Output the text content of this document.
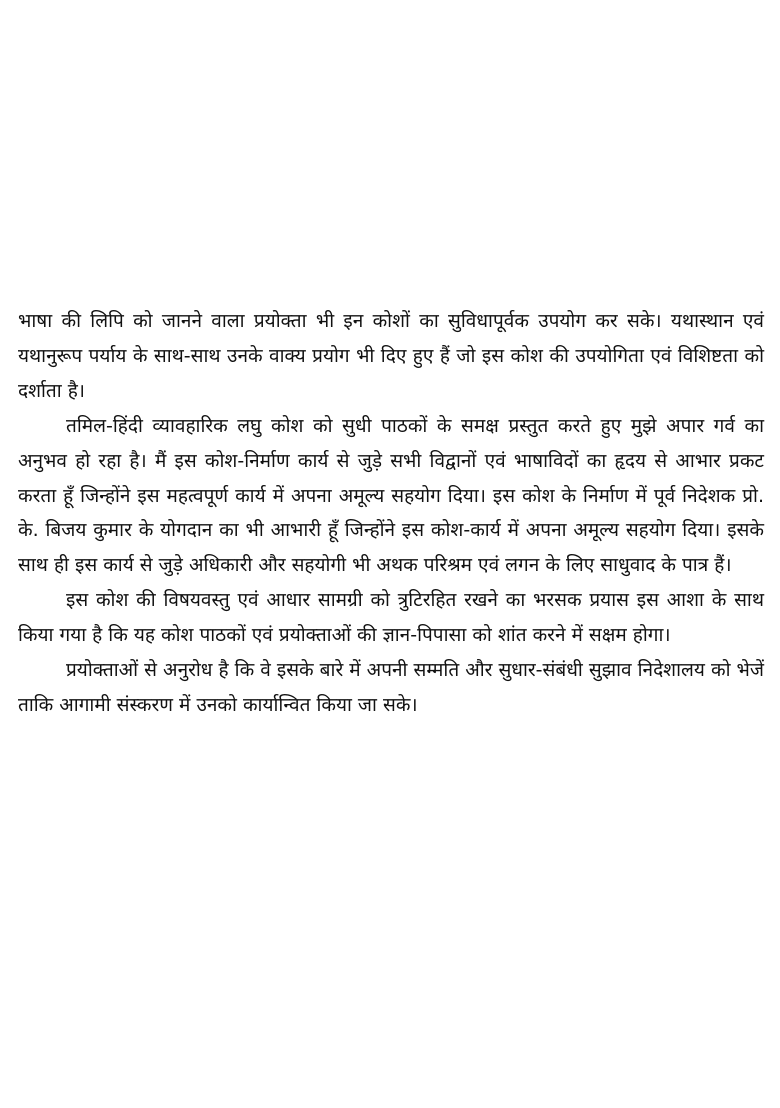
भाषा की लिपि को जानने वाला प्रयोक्ता भी इन कोशों का सुविधापूर्वक उपयोग कर सके। यथास्थान एवं यथानुरूप पर्याय के साथ-साथ उनके वाक्य प्रयोग भी दिए हुए हैं जो इस कोश की उपयोगिता एवं विशिष्टता को दर्शाता है।

तमिल-हिंदी व्यावहारिक लघु कोश को सुधी पाठकों के समक्ष प्रस्तुत करते हुए मुझे अपार गर्व का अनुभव हो रहा है। मैं इस कोश-निर्माण कार्य से जुड़े सभी विद्वानों एवं भाषाविदों का हृदय से आभार प्रकट करता हूँ जिन्होंने इस महत्वपूर्ण कार्य में अपना अमूल्य सहयोग दिया। इस कोश के निर्माण में पूर्व निदेशक प्रो. के. बिजय कुमार के योगदान का भी आभारी हूँ जिन्होंने इस कोश-कार्य में अपना अमूल्य सहयोग दिया। इसके साथ ही इस कार्य से जुड़े अधिकारी और सहयोगी भी अथक परिश्रम एवं लगन के लिए साधुवाद के पात्र हैं।

इस कोश की विषयवस्तु एवं आधार सामग्री को त्रुटिरहित रखने का भरसक प्रयास इस आशा के साथ किया गया है कि यह कोश पाठकों एवं प्रयोक्ताओं की ज्ञान-पिपासा को शांत करने में सक्षम होगा।

प्रयोक्ताओं से अनुरोध है कि वे इसके बारे में अपनी सम्मति और सुधार-संबंधी सुझाव निदेशालय को भेजें ताकि आगामी संस्करण में उनको कार्यान्वित किया जा सके।
